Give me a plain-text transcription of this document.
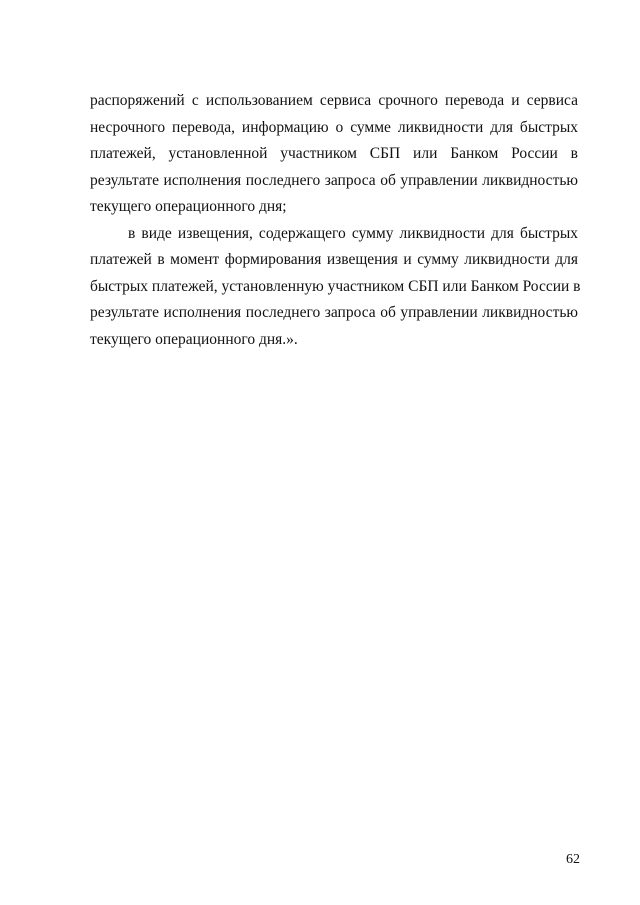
распоряжений с использованием сервиса срочного перевода и сервиса
несрочного перевода, информацию о сумме ликвидности для быстрых
платежей, установленной участником СБП или Банком России в
результате исполнения последнего запроса об управлении ликвидностью
текущего операционного дня;
в виде извещения, содержащего сумму ликвидности для быстрых
платежей в момент формирования извещения и сумму ликвидности для
быстрых платежей, установленную участником СБП или Банком России в
результате исполнения последнего запроса об управлении ликвидностью
текущего операционного дня.».
62
